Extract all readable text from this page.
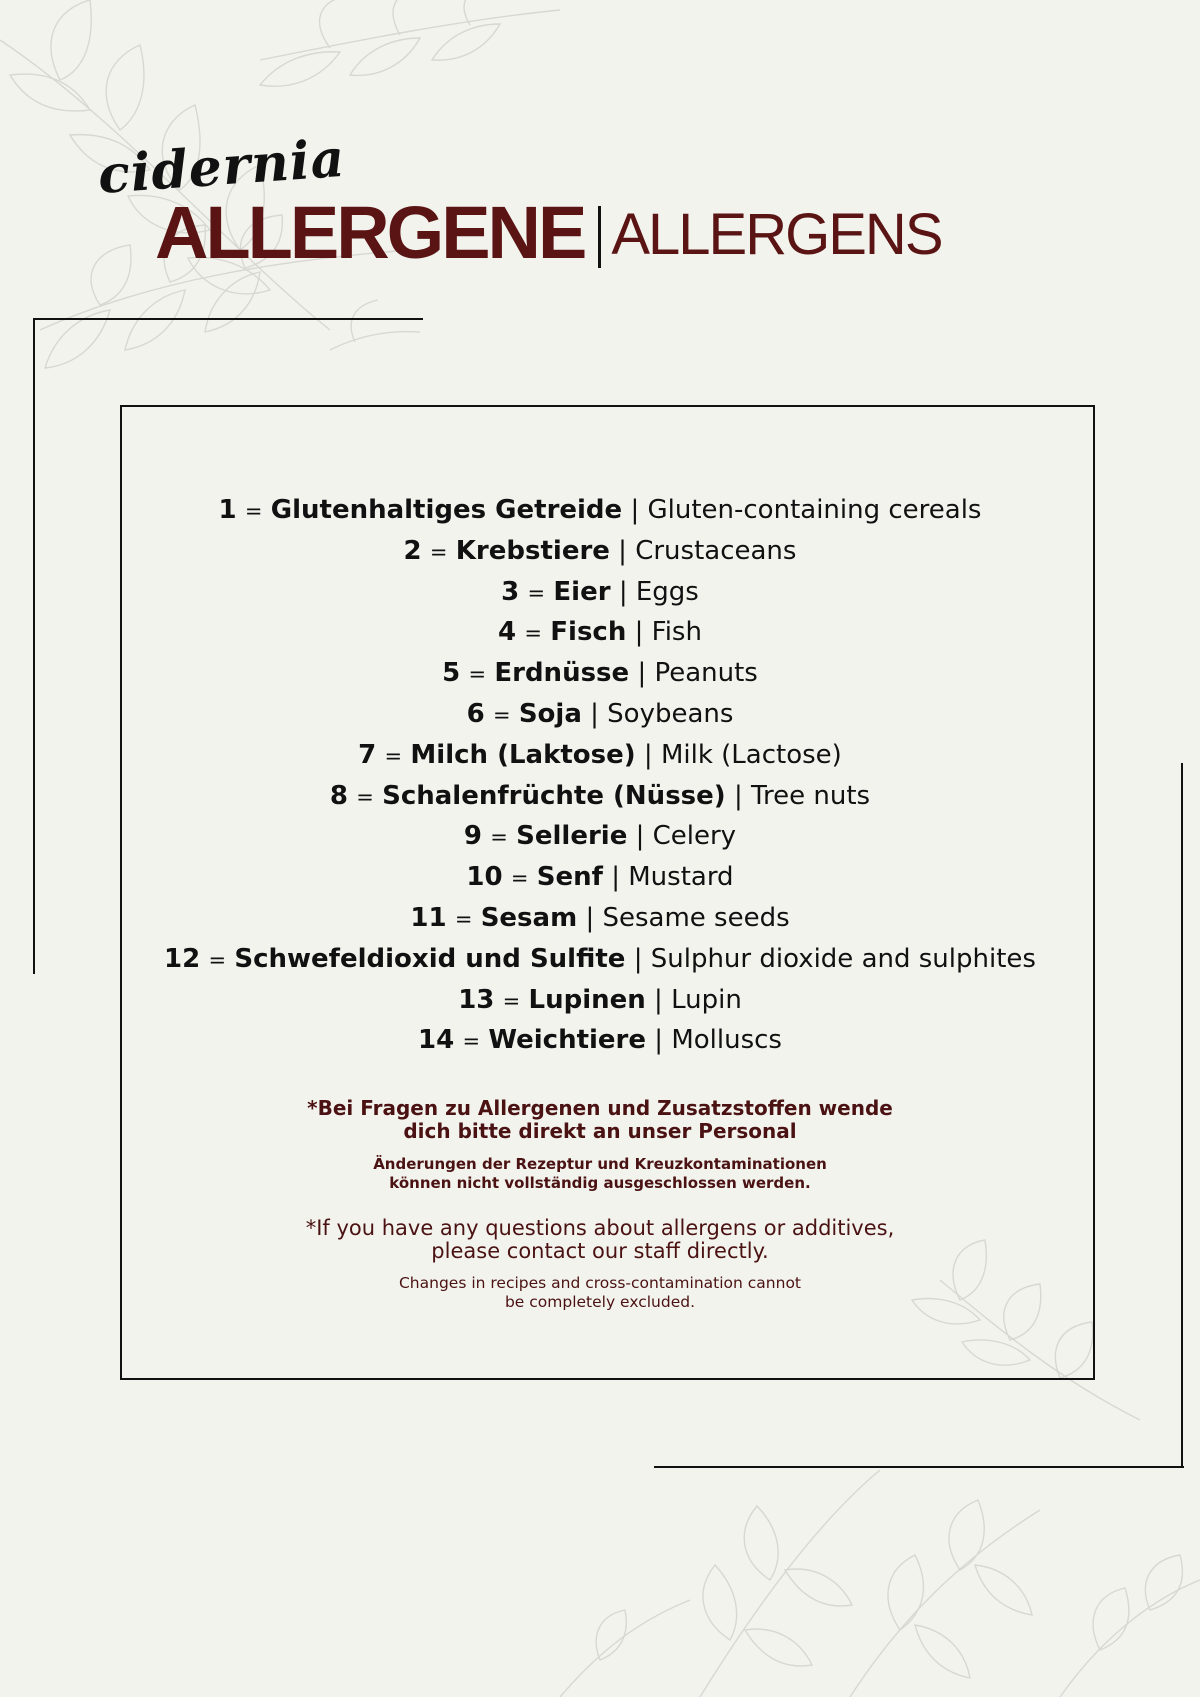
cidernia
ALLERGENE ALLERGENS
1 = Glutenhaltiges Getreide | Gluten-containing cereals
2 = Krebstiere | Crustaceans
3 = Eier | Eggs
4 = Fisch | Fish
5 = Erdnüsse | Peanuts
6 = Soja | Soybeans
7 = Milch (Laktose) | Milk (Lactose)
8 = Schalenfrüchte (Nüsse) | Tree nuts
9 = Sellerie | Celery
10 = Senf | Mustard
11 = Sesam | Sesame seeds
12 = Schwefeldioxid und Sulfite | Sulphur dioxide and sulphites
13 = Lupinen | Lupin
14 = Weichtiere | Molluscs
*Bei Fragen zu Allergenen und Zusatzstoffen wende
dich bitte direkt an unser Personal
Änderungen der Rezeptur und Kreuzkontaminationen
können nicht vollständig ausgeschlossen werden.
*If you have any questions about allergens or additives,
please contact our staff directly.
Changes in recipes and cross-contamination cannot
be completely excluded.
